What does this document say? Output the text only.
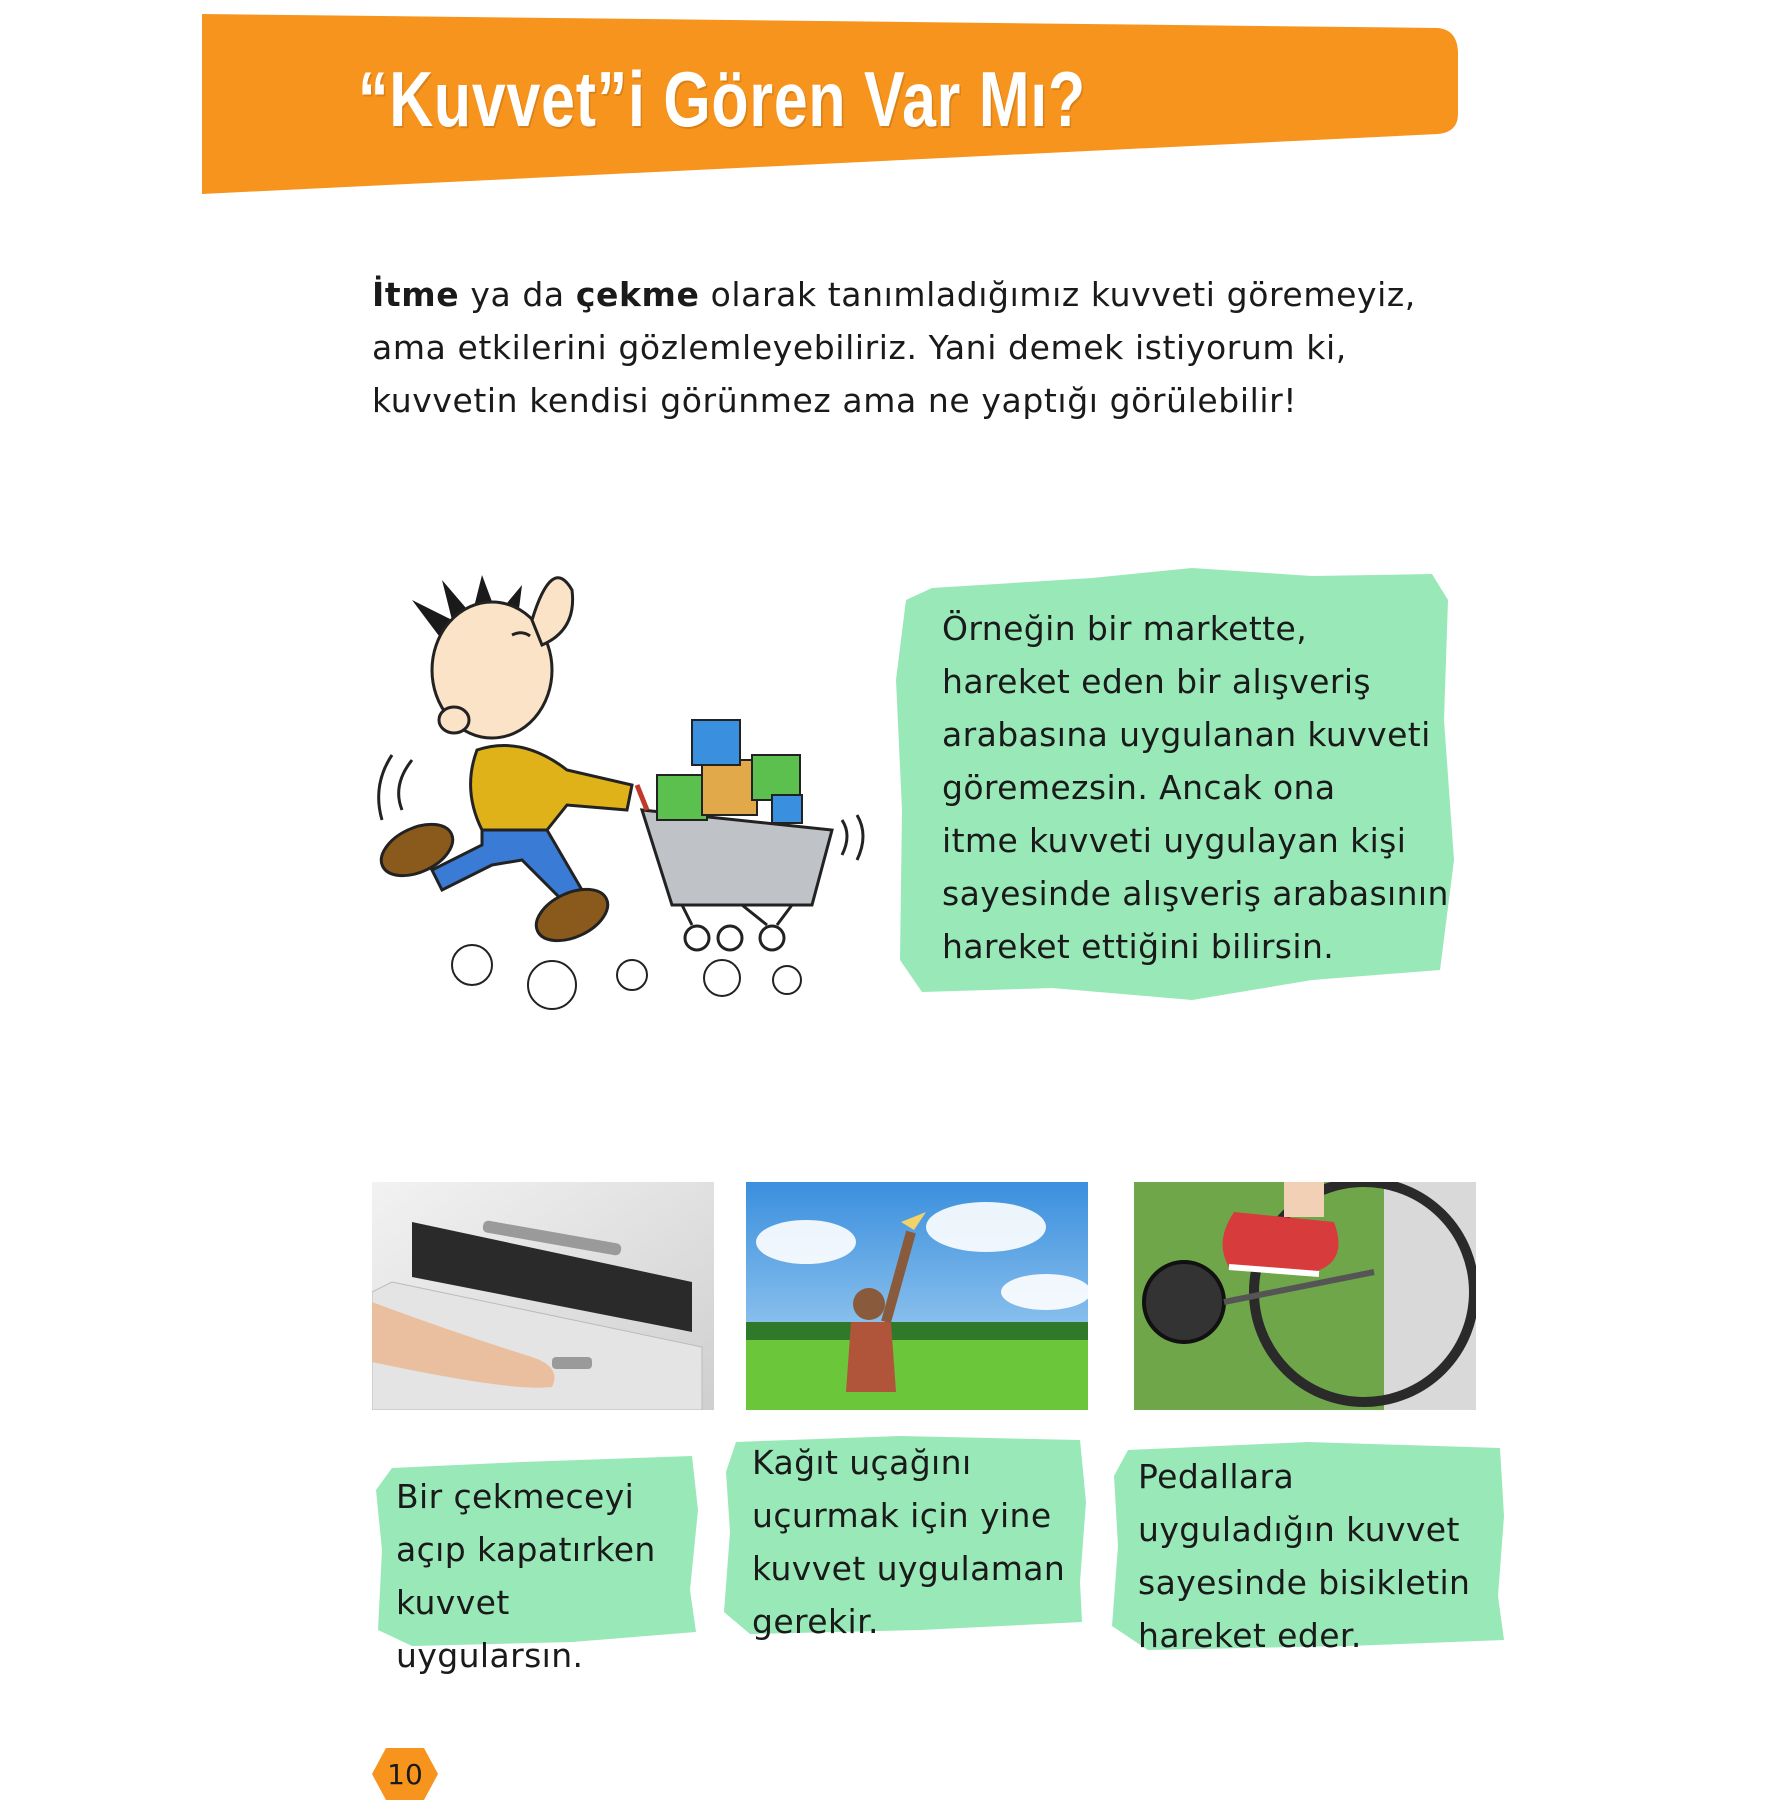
“Kuvvet”i Gören Var Mı?
İtme ya da çekme olarak tanımladığımız kuvveti göremeyiz, ama etkilerini gözlemleyebiliriz. Yani demek istiyorum ki, kuvvetin kendisi görünmez ama ne yaptığı görülebilir!
Örneğin bir markette,
hareket eden bir alışveriş
arabasına uygulanan kuvveti
göremezsin. Ancak ona
itme kuvveti uygulayan kişi
sayesinde alışveriş arabasının
hareket ettiğini bilirsin.
Bir çekmeceyi
açıp kapatırken
kuvvet uygularsın.
Kağıt uçağını
uçurmak için yine
kuvvet uygulaman
gerekir.
Pedallara
uyguladığın kuvvet
sayesinde bisikletin
hareket eder.
10
